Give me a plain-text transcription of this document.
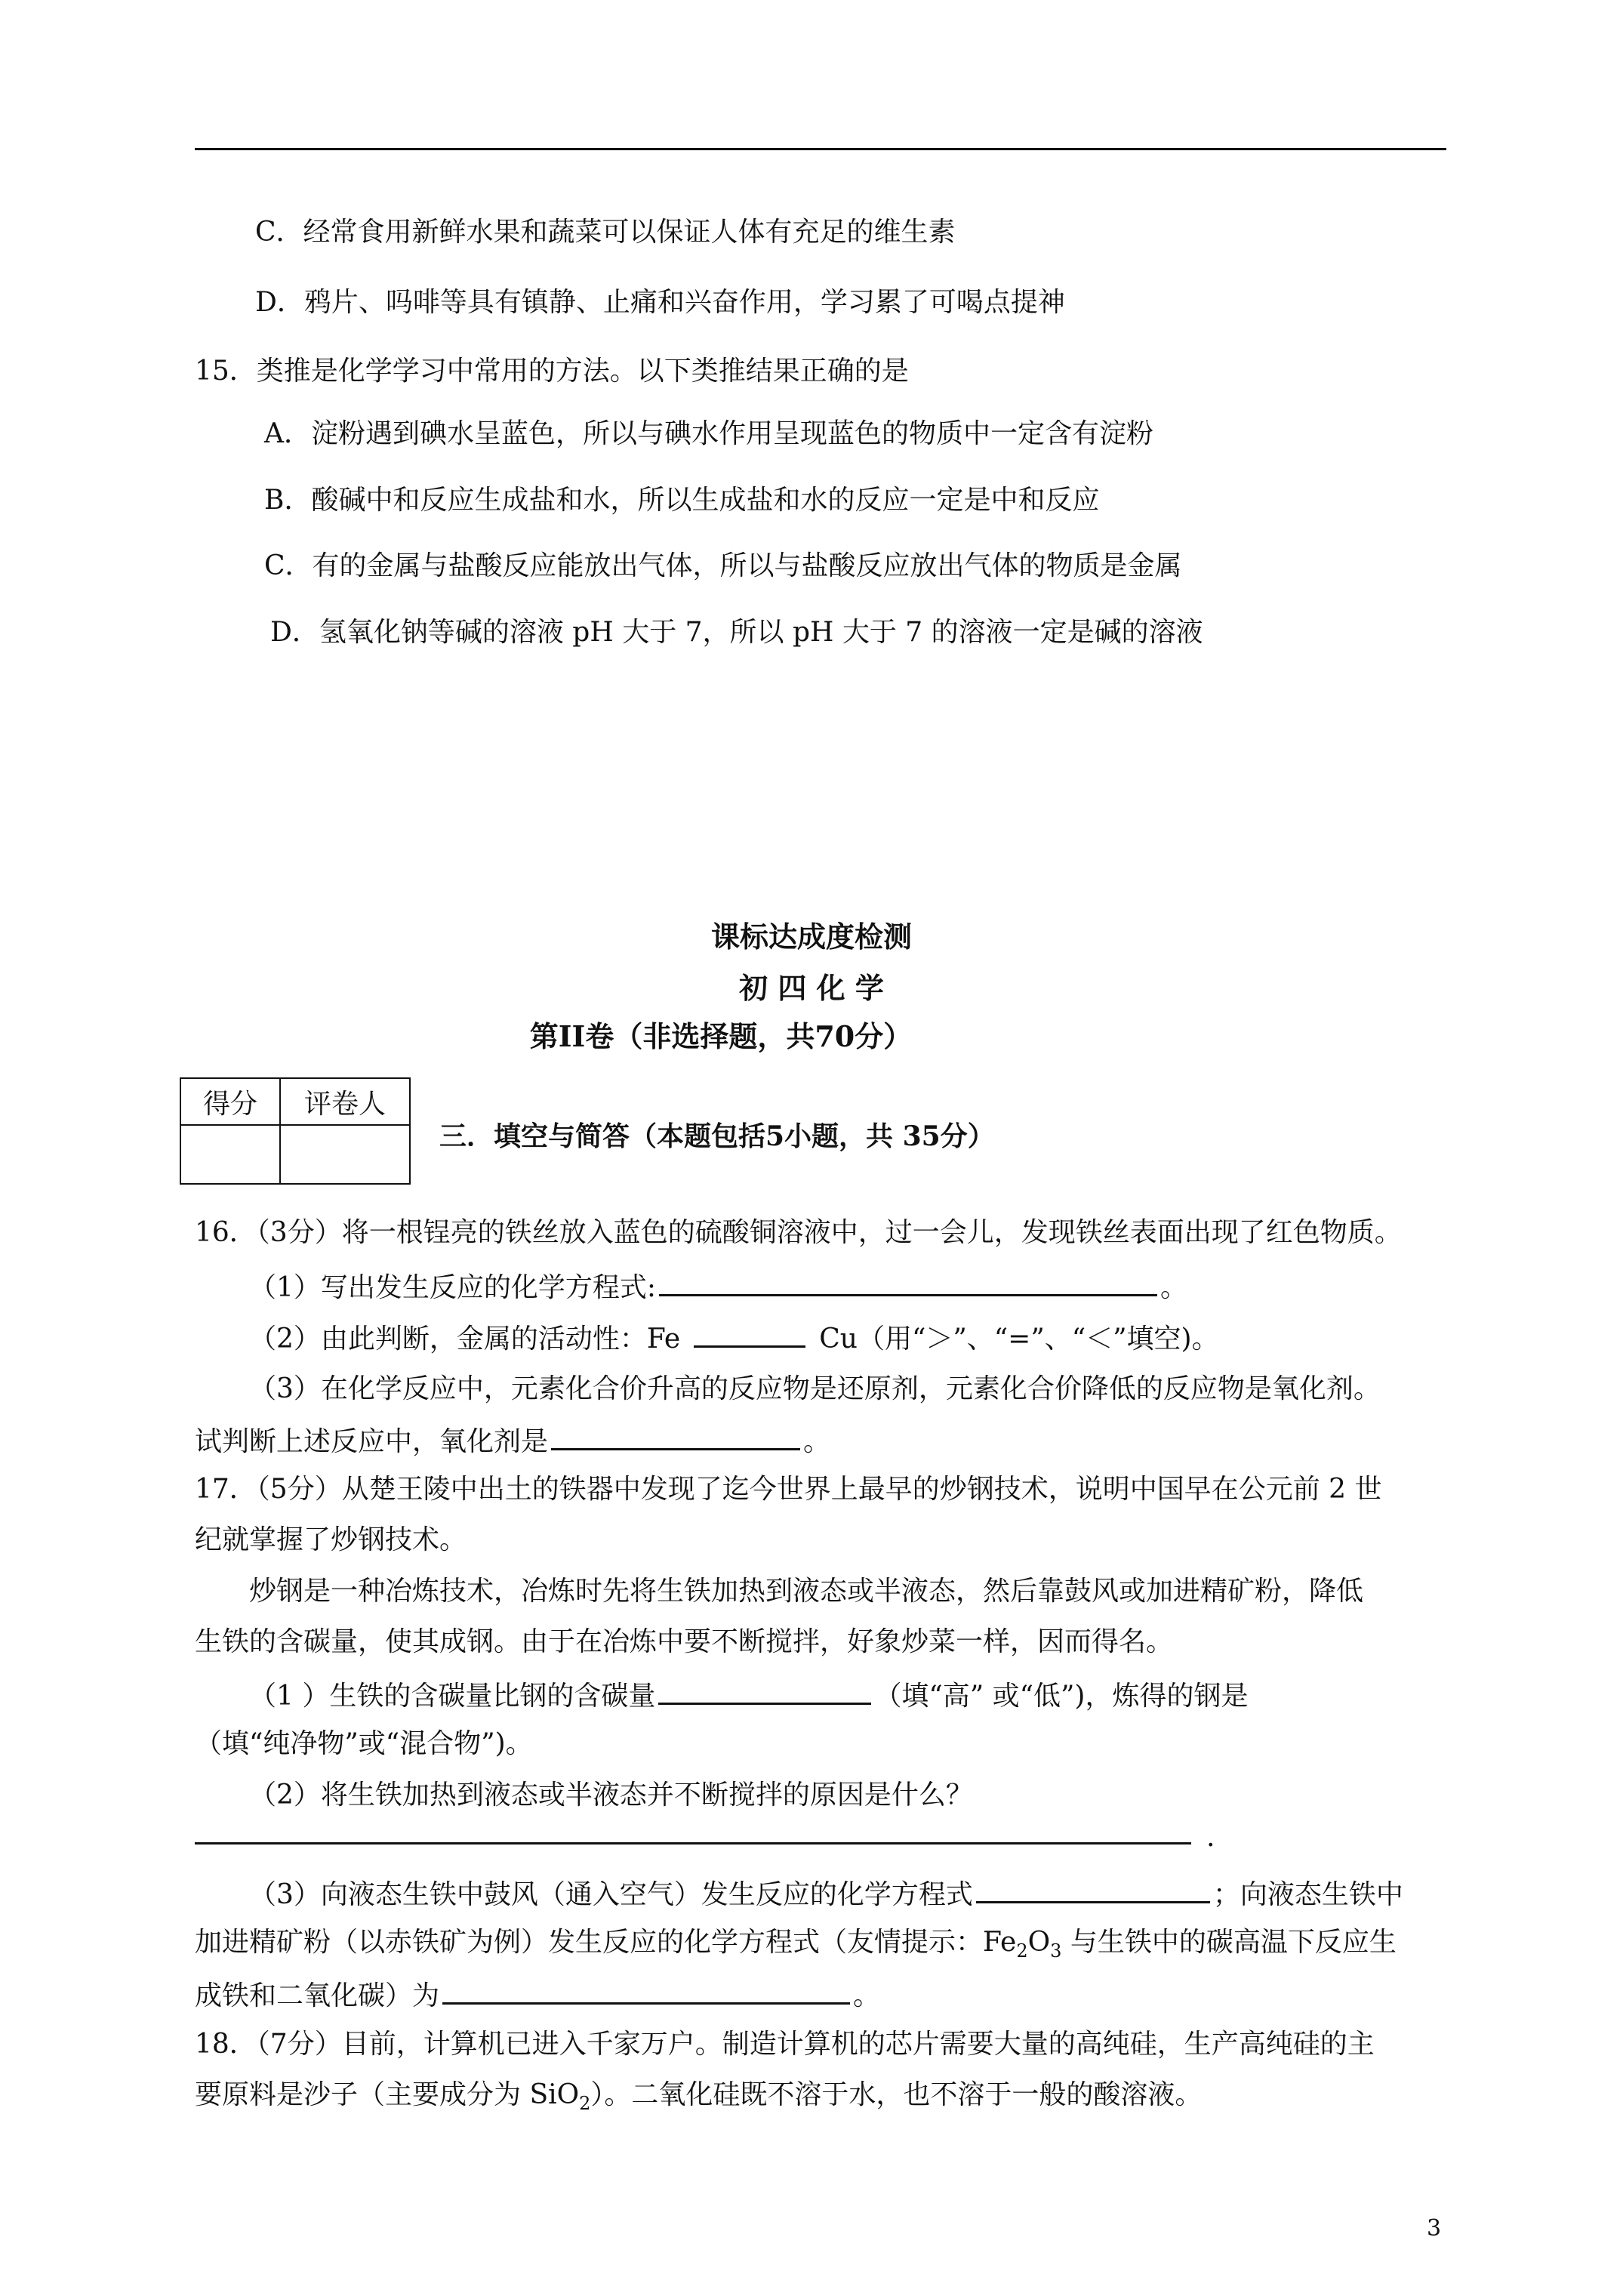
C．经常食用新鲜水果和蔬菜可以保证人体有充足的维生素
D．鸦片、吗啡等具有镇静、止痛和兴奋作用，学习累了可喝点提神
15．类推是化学学习中常用的方法。以下类推结果正确的是
A．淀粉遇到碘水呈蓝色，所以与碘水作用呈现蓝色的物质中一定含有淀粉
B．酸碱中和反应生成盐和水，所以生成盐和水的反应一定是中和反应
C．有的金属与盐酸反应能放出气体，所以与盐酸反应放出气体的物质是金属
D．氢氧化钠等碱的溶液 pH 大于 7，所以 pH 大于 7 的溶液一定是碱的溶液
课标达成度检测
初 四 化 学
第II卷（非选择题，共70分）
得分	评卷人

三．填空与简答（本题包括5小题，共 35分）
16．（3分）将一根锃亮的铁丝放入蓝色的硫酸铜溶液中，过一会儿，发现铁丝表面出现了红色物质。
（1）写出发生反应的化学方程式:	。
（2）由此判断，金属的活动性：Fe	Cu（用“＞”、“=”、“＜”填空)。
（3）在化学反应中，元素化合价升高的反应物是还原剂，元素化合价降低的反应物是氧化剂。
试判断上述反应中，氧化剂是	。
17．（5分）从楚王陵中出土的铁器中发现了迄今世界上最早的炒钢技术，说明中国早在公元前 2 世
纪就掌握了炒钢技术。
炒钢是一种冶炼技术，冶炼时先将生铁加热到液态或半液态，然后靠鼓风或加进精矿粉，降低
生铁的含碳量，使其成钢。由于在冶炼中要不断搅拌，好象炒菜一样，因而得名。
（1 ）生铁的含碳量比钢的含碳量	（填“高” 或“低”)，炼得的钢是
（填“纯净物”或“混合物”)。
（2）将生铁加热到液态或半液态并不断搅拌的原因是什么？
.
（3）向液态生铁中鼓风（通入空气）发生反应的化学方程式	；向液态生铁中
加进精矿粉（以赤铁矿为例）发生反应的化学方程式（友情提示：$Fe_2O_3$ 与生铁中的碳高温下反应生
成铁和二氧化碳）为	。
18．（7分）目前，计算机已进入千家万户。制造计算机的芯片需要大量的高纯硅，生产高纯硅的主
要原料是沙子（主要成分为 SiO$_2$）。二氧化硅既不溶于水，也不溶于一般的酸溶液。
3
